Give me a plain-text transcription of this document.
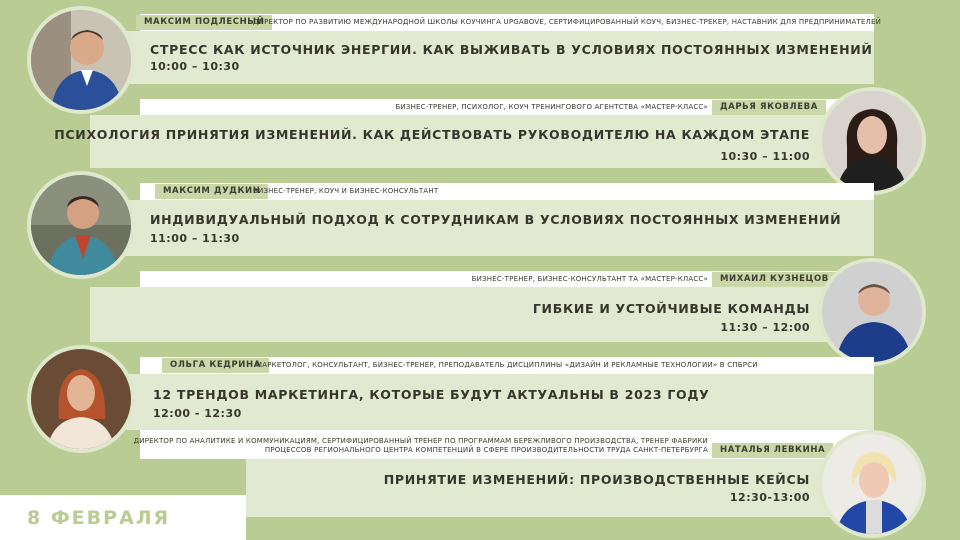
МАКСИМ ПОДЛЕСНЫЙ
ДИРЕКТОР ПО РАЗВИТИЮ МЕЖДУНАРОДНОЙ ШКОЛЫ КОУЧИНГА UPGABOVE, СЕРТИФИЦИРОВАННЫЙ КОУЧ, БИЗНЕС-ТРЕКЕР, НАСТАВНИК ДЛЯ ПРЕДПРИНИМАТЕЛЕЙ
СТРЕСС КАК ИСТОЧНИК ЭНЕРГИИ. КАК ВЫЖИВАТЬ В УСЛОВИЯХ ПОСТОЯННЫХ ИЗМЕНЕНИЙ
10:00 – 10:30
ДАРЬЯ ЯКОВЛЕВА
БИЗНЕС-ТРЕНЕР, ПСИХОЛОГ, КОУЧ ТРЕНИНГОВОГО АГЕНТСТВА «МАСТЕР-КЛАСС»
ПСИХОЛОГИЯ ПРИНЯТИЯ ИЗМЕНЕНИЙ. КАК ДЕЙСТВОВАТЬ РУКОВОДИТЕЛЮ НА КАЖДОМ ЭТАПЕ
10:30 – 11:00
МАКСИМ ДУДКИН
БИЗНЕС-ТРЕНЕР, КОУЧ И БИЗНЕС-КОНСУЛЬТАНТ
ИНДИВИДУАЛЬНЫЙ ПОДХОД К СОТРУДНИКАМ В УСЛОВИЯХ ПОСТОЯННЫХ ИЗМЕНЕНИЙ
11:00 – 11:30
МИХАИЛ КУЗНЕЦОВ
БИЗНЕС-ТРЕНЕР, БИЗНЕС-КОНСУЛЬТАНТ ТА «МАСТЕР-КЛАСС»
ГИБКИЕ И УСТОЙЧИВЫЕ КОМАНДЫ
11:30 – 12:00
ОЛЬГА КЕДРИНА
МАРКЕТОЛОГ, КОНСУЛЬТАНТ, БИЗНЕС-ТРЕНЕР, ПРЕПОДАВАТЕЛЬ ДИСЦИПЛИНЫ «ДИЗАЙН И РЕКЛАМНЫЕ ТЕХНОЛОГИИ» В СПБРСИ
12 ТРЕНДОВ МАРКЕТИНГА, КОТОРЫЕ БУДУТ АКТУАЛЬНЫ В 2023 ГОДУ
12:00 - 12:30
ДИРЕКТОР ПО АНАЛИТИКЕ И КОММУНИКАЦИЯМ, СЕРТИФИЦИРОВАННЫЙ ТРЕНЕР ПО ПРОГРАММАМ БЕРЕЖЛИВОГО ПРОИЗВОДСТВА, ТРЕНЕР ФАБРИКИ
ПРОЦЕССОВ РЕГИОНАЛЬНОГО ЦЕНТРА КОМПЕТЕНЦИЙ В СФЕРЕ ПРОИЗВОДИТЕЛЬНОСТИ ТРУДА САНКТ-ПЕТЕРБУРГА	НАТАЛЬЯ ЛЕВКИНА
ПРИНЯТИЕ ИЗМЕНЕНИЙ: ПРОИЗВОДСТВЕННЫЕ КЕЙСЫ
12:30-13:00
8 ФЕВРАЛЯ
